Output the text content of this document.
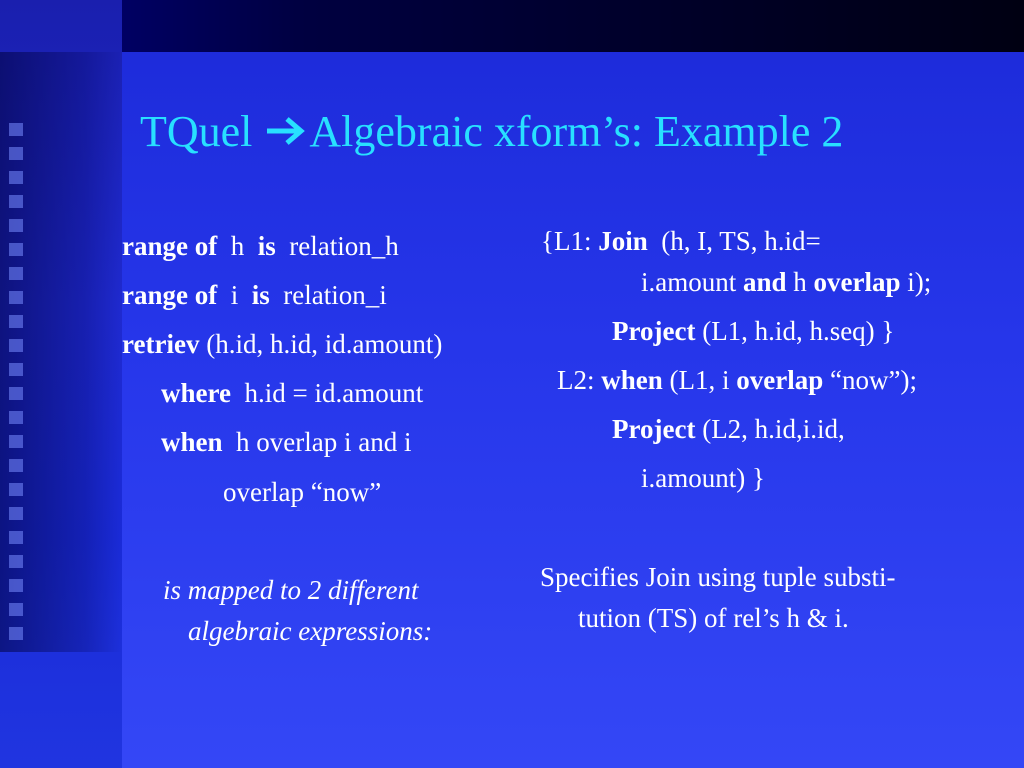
TQuel Algebraic xform’s: Example 2
range of h is relation_h
range of i is relation_i
retriev (h.id, h.id, id.amount)
where h.id = id.amount
when h overlap i and i
overlap “now”
is mapped to 2 different
algebraic expressions:
{L1: Join (h, I, TS, h.id=
i.amount and h overlap i);
Project (L1, h.id, h.seq) }
L2: when (L1, i overlap “now”);
Project (L2, h.id,i.id,
i.amount) }
Specifies Join using tuple substi-
tution (TS) of rel’s h & i.
